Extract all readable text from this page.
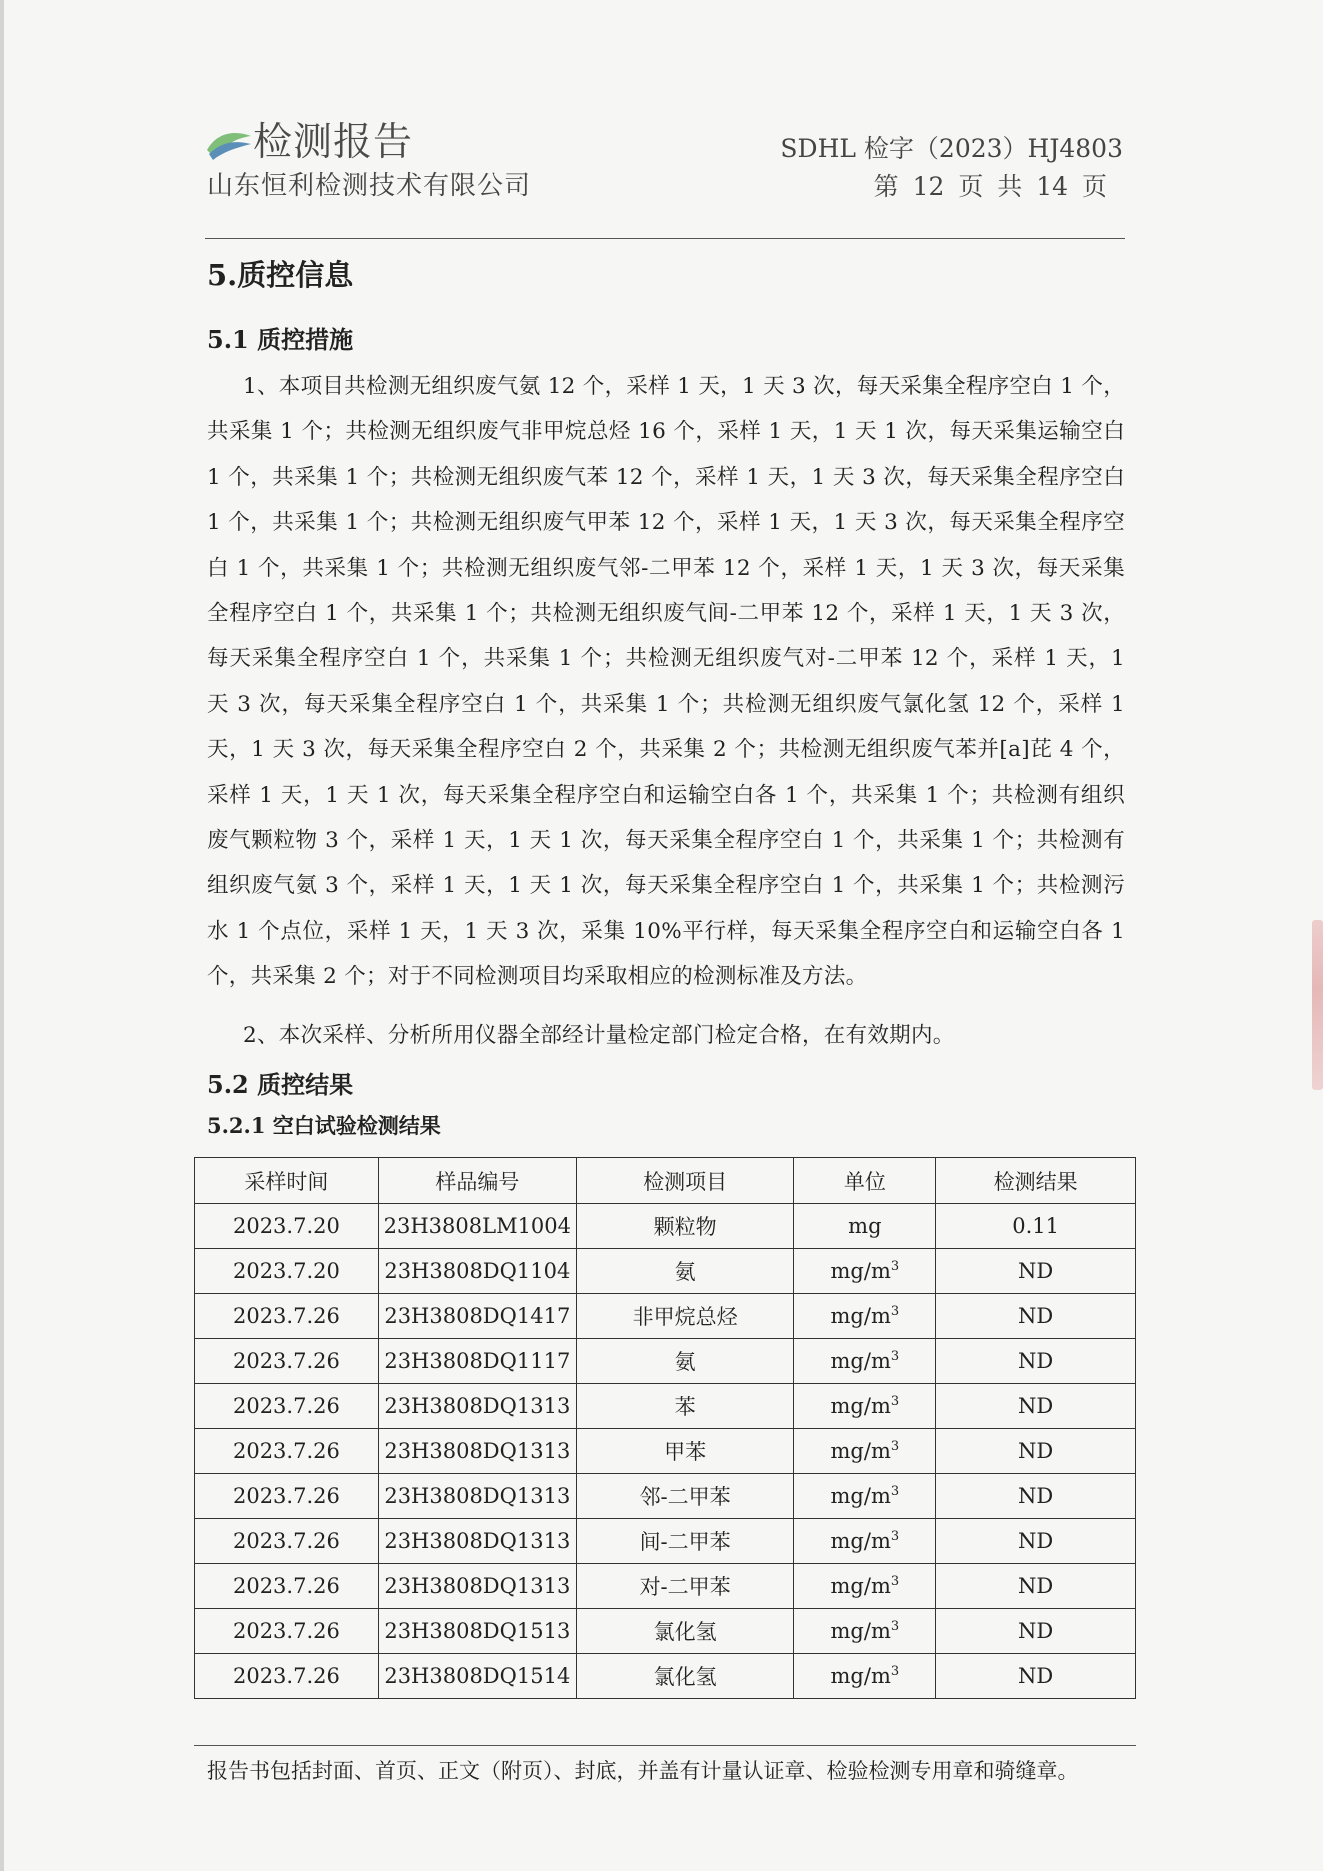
检测报告
山东恒利检测技术有限公司
SDHL 检字（2023）HJ4803
第 12 页 共 14 页
5.质控信息
5.1 质控措施
1、本项目共检测无组织废气氨 12 个，采样 1 天，1 天 3 次，每天采集全程序空白 1 个，共采集 1 个；共检测无组织废气非甲烷总烃 16 个，采样 1 天，1 天 1 次，每天采集运输空白 1 个，共采集 1 个；共检测无组织废气苯 12 个，采样 1 天，1 天 3 次，每天采集全程序空白 1 个，共采集 1 个；共检测无组织废气甲苯 12 个，采样 1 天，1 天 3 次，每天采集全程序空白 1 个，共采集 1 个；共检测无组织废气邻-二甲苯 12 个，采样 1 天，1 天 3 次，每天采集全程序空白 1 个，共采集 1 个；共检测无组织废气间-二甲苯 12 个，采样 1 天，1 天 3 次，每天采集全程序空白 1 个，共采集 1 个；共检测无组织废气对-二甲苯 12 个，采样 1 天，1 天 3 次，每天采集全程序空白 1 个，共采集 1 个；共检测无组织废气氯化氢 12 个，采样 1 天，1 天 3 次，每天采集全程序空白 2 个，共采集 2 个；共检测无组织废气苯并[a]芘 4 个，采样 1 天，1 天 1 次，每天采集全程序空白和运输空白各 1 个，共采集 1 个；共检测有组织废气颗粒物 3 个，采样 1 天，1 天 1 次，每天采集全程序空白 1 个，共采集 1 个；共检测有组织废气氨 3 个，采样 1 天，1 天 1 次，每天采集全程序空白 1 个，共采集 1 个；共检测污水 1 个点位，采样 1 天，1 天 3 次，采集 10%平行样，每天采集全程序空白和运输空白各 1 个，共采集 2 个；对于不同检测项目均采取相应的检测标准及方法。
2、本次采样、分析所用仪器全部经计量检定部门检定合格，在有效期内。
5.2 质控结果
5.2.1 空白试验检测结果
采样时间	样品编号	检测项目	单位	检测结果
2023.7.20	23H3808LM1004	颗粒物	mg	0.11
2023.7.20	23H3808DQ1104	氨	$mg/m^3$	ND
2023.7.26	23H3808DQ1417	非甲烷总烃	$mg/m^3$	ND
2023.7.26	23H3808DQ1117	氨	$mg/m^3$	ND
2023.7.26	23H3808DQ1313	苯	$mg/m^3$	ND
2023.7.26	23H3808DQ1313	甲苯	$mg/m^3$	ND
2023.7.26	23H3808DQ1313	邻-二甲苯	$mg/m^3$	ND
2023.7.26	23H3808DQ1313	间-二甲苯	$mg/m^3$	ND
2023.7.26	23H3808DQ1313	对-二甲苯	$mg/m^3$	ND
2023.7.26	23H3808DQ1513	氯化氢	$mg/m^3$	ND
2023.7.26	23H3808DQ1514	氯化氢	$mg/m^3$	ND
报告书包括封面、首页、正文（附页）、封底，并盖有计量认证章、检验检测专用章和骑缝章。
